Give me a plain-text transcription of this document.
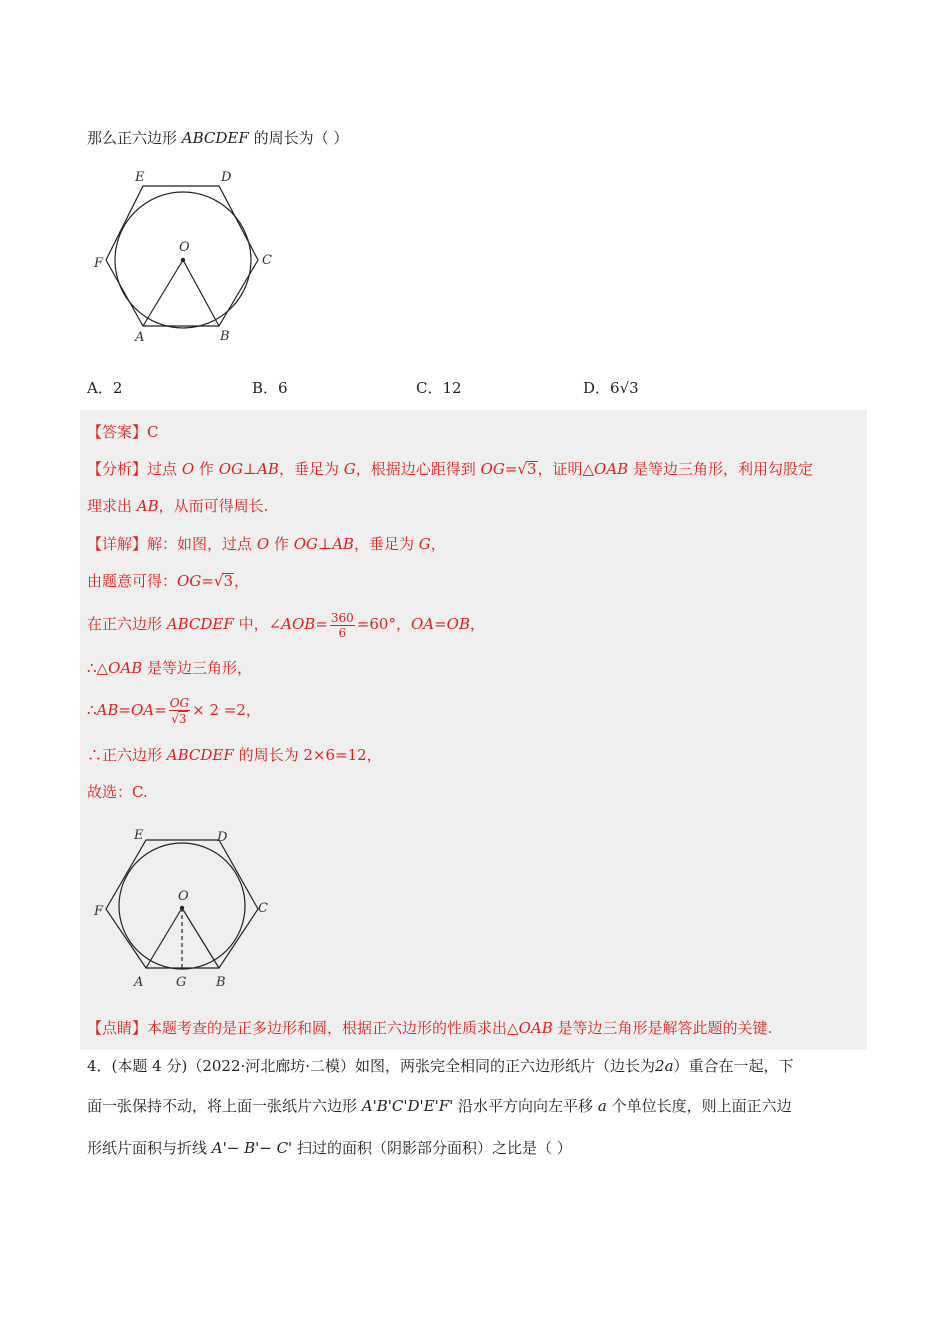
那么正六边形 ABCDEF 的周长为（ ）
E	D
F	C
O
A	B
A．2	B．6	C．12	D．6√3
【答案】C
【分析】过点 O 作 OG⊥AB，垂足为 G，根据边心距得到 OG=√3，证明△OAB 是等边三角形，利用勾股定
理求出 AB，从而可得周长.
【详解】解：如图，过点 O 作 OG⊥AB，垂足为 G，
由题意可得：OG=√3，
在正六边形 ABCDEF 中，∠AOB= $\frac{360}{6} =60^\circ$，OA=OB，
∴△OAB 是等边三角形，
∴AB=OA= $\frac{OG}{√3} \times 2 =2$，
∴正六边形 ABCDEF 的周长为 2×6=12，
故选：C.
E	D
F	C
O
A	G B
【点睛】本题考查的是正多边形和圆，根据正六边形的性质求出△OAB 是等边三角形是解答此题的关键.
4．(本题 4 分)（2022·河北廊坊·二模）如图，两张完全相同的正六边形纸片（边长为2a）重合在一起，下
面一张保持不动，将上面一张纸片六边形 A'B'C'D'E'F' 沿水平方向向左平移 a 个单位长度，则上面正六边
形纸片面积与折线 A'− B'− C' 扫过的面积（阴影部分面积）之比是（ ）
